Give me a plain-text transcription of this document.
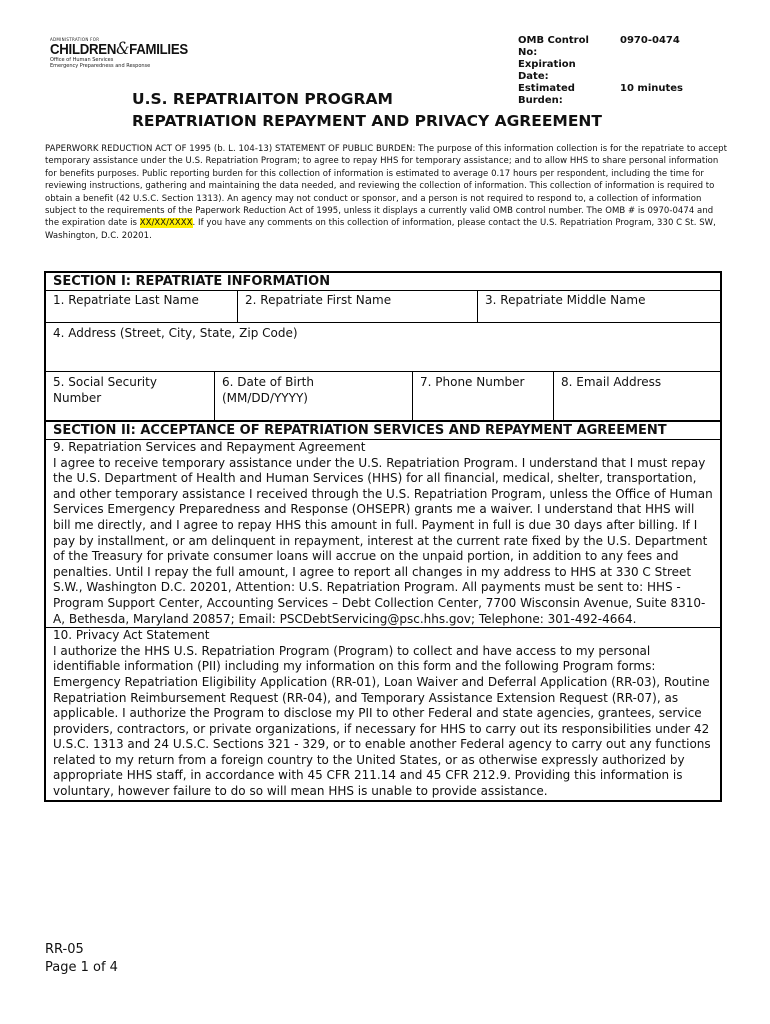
ADMINISTRATION FOR
CHILDREN&FAMILIES
Office of Human Services
Emergency Preparedness and Response
OMB Control No:
0970-0474
Expiration Date:
Estimated Burden:
10 minutes
U.S. REPATRIAITON PROGRAM
REPATRIATION REPAYMENT AND PRIVACY AGREEMENT
PAPERWORK REDUCTION ACT OF 1995 (b. L. 104-13) STATEMENT OF PUBLIC BURDEN: The purpose of this information collection is for the repatriate to accept temporary assistance under the U.S. Repatriation Program; to agree to repay HHS for temporary assistance; and to allow HHS to share personal information for benefits purposes. Public reporting burden for this collection of information is estimated to average 0.17 hours per respondent, including the time for reviewing instructions, gathering and maintaining the data needed, and reviewing the collection of information. This collection of information is required to obtain a benefit (42 U.S.C. Section 1313). An agency may not conduct or sponsor, and a person is not required to respond to, a collection of information subject to the requirements of the Paperwork Reduction Act of 1995, unless it displays a currently valid OMB control number. The OMB # is 0970-0474 and the expiration date is XX/XX/XXXX. If you have any comments on this collection of information, please contact the U.S. Repatriation Program, 330 C St. SW, Washington, D.C. 20201.
SECTION I: REPATRIATE INFORMATION
1. Repatriate Last Name	2. Repatriate First Name	3. Repatriate Middle Name
4. Address (Street, City, State, Zip Code)
5. Social Security
Number
6. Date of Birth
(MM/DD/YYYY)
7. Phone Number	8. Email Address
SECTION II: ACCEPTANCE OF REPATRIATION SERVICES AND REPAYMENT AGREEMENT

9. Repatriation Services and Repayment Agreement

I agree to receive temporary assistance under the U.S. Repatriation Program. I understand that I must repay the U.S. Department of Health and Human Services (HHS) for all financial, medical, shelter, transportation, and other temporary assistance I received through the U.S. Repatriation Program, unless the Office of Human Services Emergency Preparedness and Response (OHSEPR) grants me a waiver. I understand that HHS will bill me directly, and I agree to repay HHS this amount in full. Payment in full is due 30 days after billing. If I pay by installment, or am delinquent in repayment, interest at the current rate fixed by the U.S. Department of the Treasury for private consumer loans will accrue on the unpaid portion, in addition to any fees and penalties. Until I repay the full amount, I agree to report all changes in my address to HHS at 330 C Street S.W., Washington D.C. 20201, Attention: U.S. Repatriation Program. All payments must be sent to: HHS - Program Support Center, Accounting Services – Debt Collection Center, 7700 Wisconsin Avenue, Suite 8310-A, Bethesda, Maryland 20857; Email: PSCDebtServicing@psc.hhs.gov; Telephone: 301-492-4664.

10. Privacy Act Statement

I authorize the HHS U.S. Repatriation Program (Program) to collect and have access to my personal identifiable information (PII) including my information on this form and the following Program forms: Emergency Repatriation Eligibility Application (RR-01), Loan Waiver and Deferral Application (RR-03), Routine Repatriation Reimbursement Request (RR-04), and Temporary Assistance Extension Request (RR-07), as applicable. I authorize the Program to disclose my PII to other Federal and state agencies, grantees, service providers, contractors, or private organizations, if necessary for HHS to carry out its responsibilities under 42 U.S.C. 1313 and 24 U.S.C. Sections 321 - 329, or to enable another Federal agency to carry out any functions related to my return from a foreign country to the United States, or as otherwise expressly authorized by appropriate HHS staff, in accordance with 45 CFR 211.14 and 45 CFR 212.9. Providing this information is voluntary, however failure to do so will mean HHS is unable to provide assistance.

RR-05
Page 1 of 4
